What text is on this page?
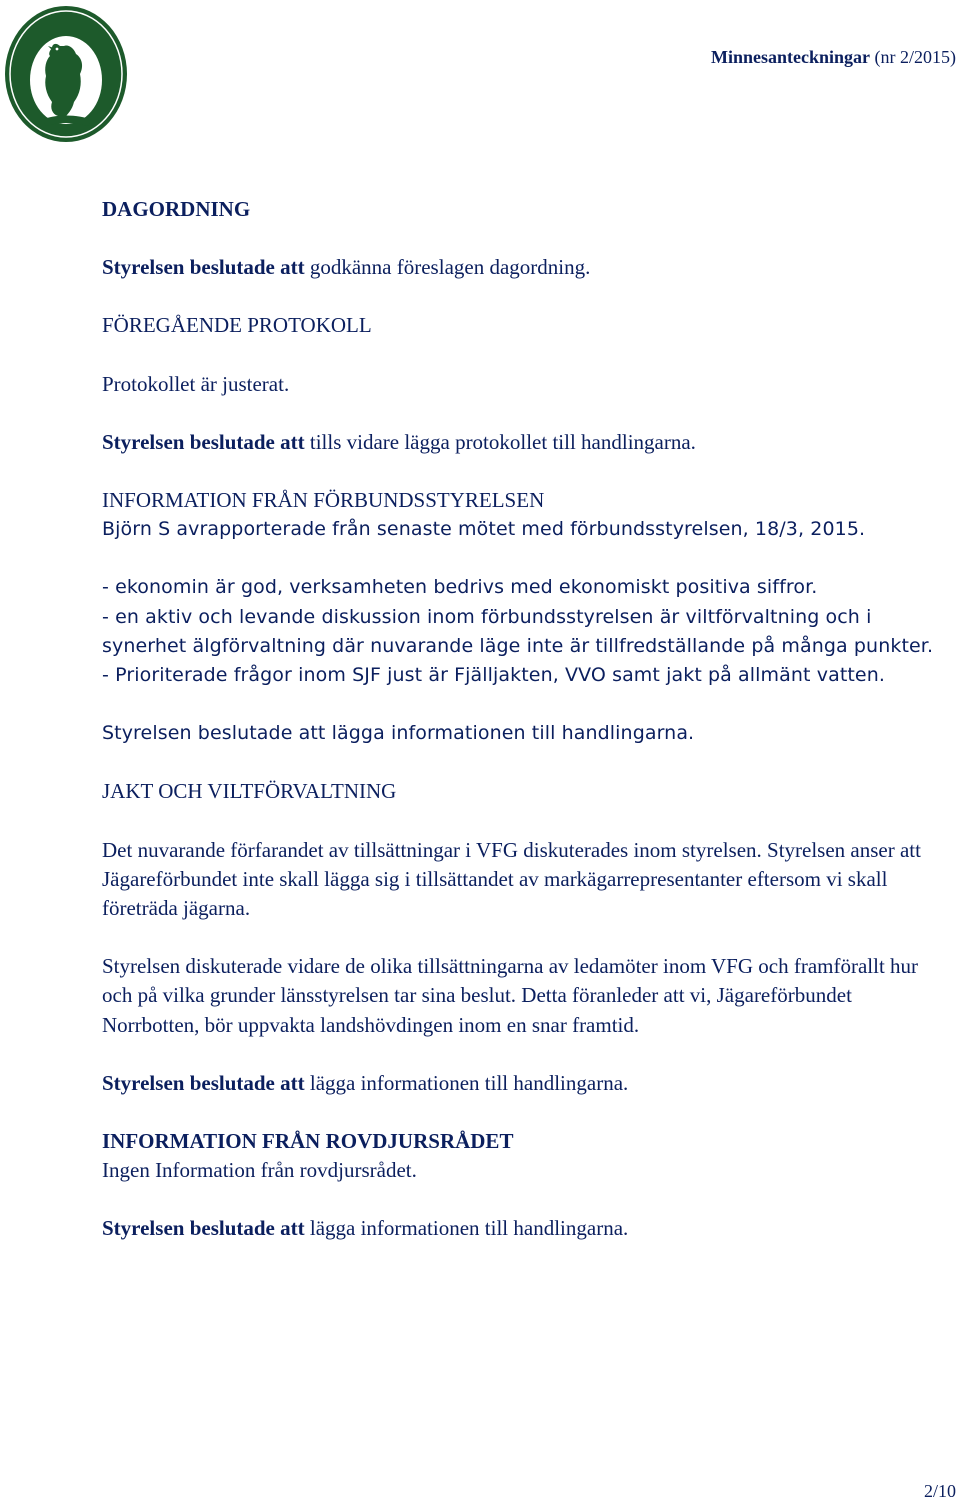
Minnesanteckningar (nr 2/2015)

DAGORDNING

Styrelsen beslutade att godkänna föreslagen dagordning.

FÖREGÅENDE PROTOKOLL

Protokollet är justerat.

Styrelsen beslutade att tills vidare lägga protokollet till handlingarna.

INFORMATION FRÅN FÖRBUNDSSTYRELSEN

Björn S avrapporterade från senaste mötet med förbundsstyrelsen, 18/3, 2015.

- ekonomin är god, verksamheten bedrivs med ekonomiskt positiva siffror.

- en aktiv och levande diskussion inom förbundsstyrelsen är viltförvaltning och i synerhet älgförvaltning där nuvarande läge inte är tillfredställande på många punkter.

- Prioriterade frågor inom SJF just är Fjälljakten, VVO samt jakt på allmänt vatten.

Styrelsen beslutade att lägga informationen till handlingarna.

JAKT OCH VILTFÖRVALTNING

Det nuvarande förfarandet av tillsättningar i VFG diskuterades inom styrelsen. Styrelsen anser att Jägareförbundet inte skall lägga sig i tillsättandet av markägarrepresentanter eftersom vi skall företräda jägarna.

Styrelsen diskuterade vidare de olika tillsättningarna av ledamöter inom VFG och framförallt hur och på vilka grunder länsstyrelsen tar sina beslut. Detta föranleder att vi, Jägareförbundet Norrbotten, bör uppvakta landshövdingen inom en snar framtid.

Styrelsen beslutade att lägga informationen till handlingarna.

INFORMATION FRÅN ROVDJURSRÅDET

Ingen Information från rovdjursrådet.

Styrelsen beslutade att lägga informationen till handlingarna.

2/10
